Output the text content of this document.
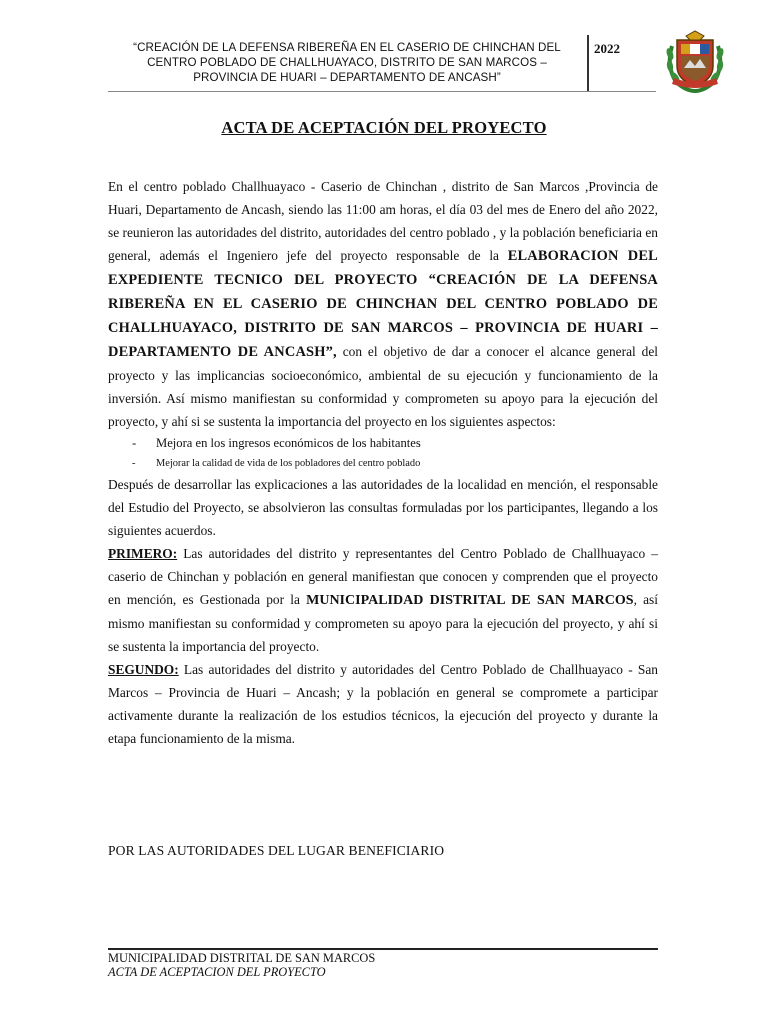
“CREACIÓN DE LA DEFENSA RIBEREÑA EN EL CASERIO DE CHINCHAN DEL
CENTRO POBLADO DE CHALLHUAYACO, DISTRITO DE SAN MARCOS –
PROVINCIA DE HUARI – DEPARTAMENTO DE ANCASH”
2022
ACTA DE ACEPTACIÓN DEL PROYECTO

En el centro poblado Challhuayaco - Caserio de Chinchan , distrito de San Marcos ,Provincia de Huari, Departamento de Ancash, siendo las 11:00 am horas, el día 03 del mes de Enero del año 2022, se reunieron las autoridades del distrito, autoridades del centro poblado , y la población beneficiaria en general, además el Ingeniero jefe del proyecto responsable de la ELABORACION DEL EXPEDIENTE TECNICO DEL PROYECTO “CREACIÓN DE LA DEFENSA RIBEREÑA EN EL CASERIO DE CHINCHAN DEL CENTRO POBLADO DE CHALLHUAYACO, DISTRITO DE SAN MARCOS – PROVINCIA DE HUARI – DEPARTAMENTO DE ANCASH”, con el objetivo de dar a conocer el alcance general del proyecto y las implicancias socioeconómico, ambiental de su ejecución y funcionamiento de la inversión. Así mismo manifiestan su conformidad y comprometen su apoyo para la ejecución del proyecto, y ahí si se sustenta la importancia del proyecto en los siguientes aspectos:

- Mejora en los ingresos económicos de los habitantes
- Mejorar la calidad de vida de los pobladores del centro poblado

Después de desarrollar las explicaciones a las autoridades de la localidad en mención, el responsable del Estudio del Proyecto, se absolvieron las consultas formuladas por los participantes, llegando a los siguientes acuerdos.

PRIMERO: Las autoridades del distrito y representantes del Centro Poblado de Challhuayaco – caserio de Chinchan y población en general manifiestan que conocen y comprenden que el proyecto en mención, es Gestionada por la MUNICIPALIDAD DISTRITAL DE SAN MARCOS, así mismo manifiestan su conformidad y comprometen su apoyo para la ejecución del proyecto, y ahí si se sustenta la importancia del proyecto.

SEGUNDO: Las autoridades del distrito y autoridades del Centro Poblado de Challhuayaco - San Marcos – Provincia de Huari – Ancash; y la población en general se compromete a participar activamente durante la realización de los estudios técnicos, la ejecución del proyecto y durante la etapa funcionamiento de la misma.

POR LAS AUTORIDADES DEL LUGAR BENEFICIARIO
MUNICIPALIDAD DISTRITAL DE SAN MARCOS
ACTA DE ACEPTACION DEL PROYECTO
